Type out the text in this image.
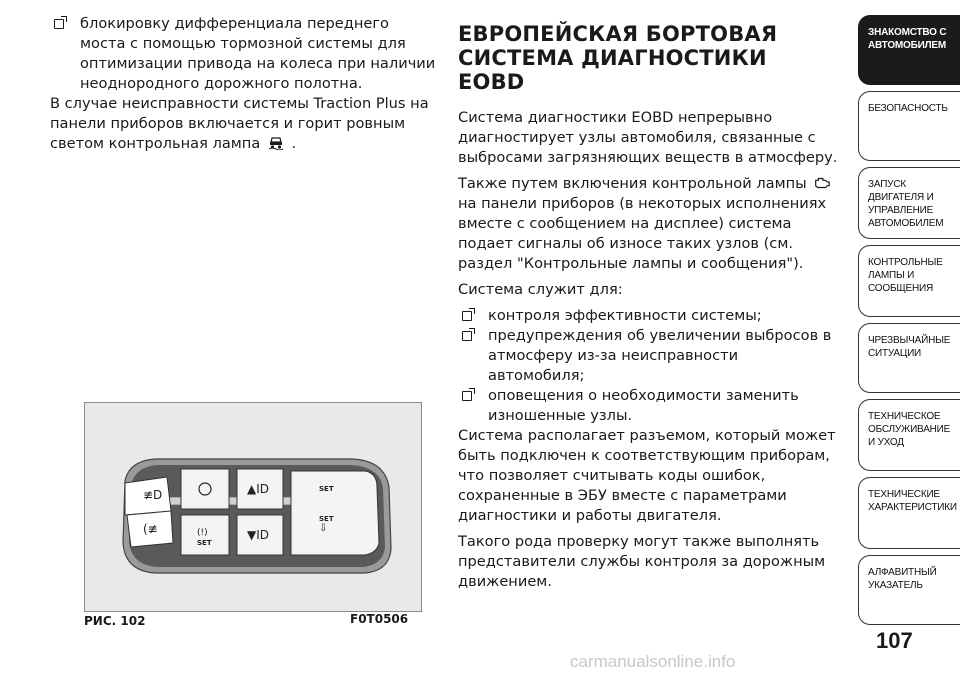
блокировку дифференциала переднего моста с помощью тормозной системы для оптимизации привода на колеса при наличии неоднородного дорожного полотна.

В случае неисправности системы Traction Plus на панели приборов включается и горит ровным светом контрольная лампа .

≢D
(≢	(!)
SET
▲ID
▼ID
SET
SET
⇩
РИС. 102	F0T0506
ЕВРОПЕЙСКАЯ БОРТОВАЯ СИСТЕМА ДИАГНОСТИКИ EOBD

Система диагностики EOBD непрерывно диагностирует узлы автомобиля, связанные с выбросами загрязняющих веществ в атмосферу.

Также путем включения контрольной лампы  на панели приборов (в некоторых исполнениях вместе с сообщением на дисплее) система подает сигналы об износе таких узлов (см. раздел "Контрольные лампы и сообщения").

Система служит для:

контроля эффективности системы;

предупреждения об увеличении выбросов в атмосферу из-за неисправности автомобиля;

оповещения о необходимости заменить изношенные узлы.

Система располагает разъемом, который может быть подключен к соответствующим приборам, что позволяет считывать коды ошибок, сохраненные в ЭБУ вместе с параметрами диагностики и работы двигателя.

Такого рода проверку могут также выполнять представители службы контроля за дорожным движением.

ЗНАКОМСТВО С АВТОМОБИЛЕМ
БЕЗОПАСНОСТЬ
ЗАПУСК ДВИГАТЕЛЯ И УПРАВЛЕНИЕ АВТОМОБИЛЕМ
КОНТРОЛЬНЫЕ ЛАМПЫ И СООБЩЕНИЯ
ЧРЕЗВЫЧАЙНЫЕ СИТУАЦИИ
ТЕХНИЧЕСКОЕ ОБСЛУЖИВАНИЕ И УХОД
ТЕХНИЧЕСКИЕ ХАРАКТЕРИСТИКИ
АЛФАВИТНЫЙ УКАЗАТЕЛЬ
107
carmanualsonline.info
